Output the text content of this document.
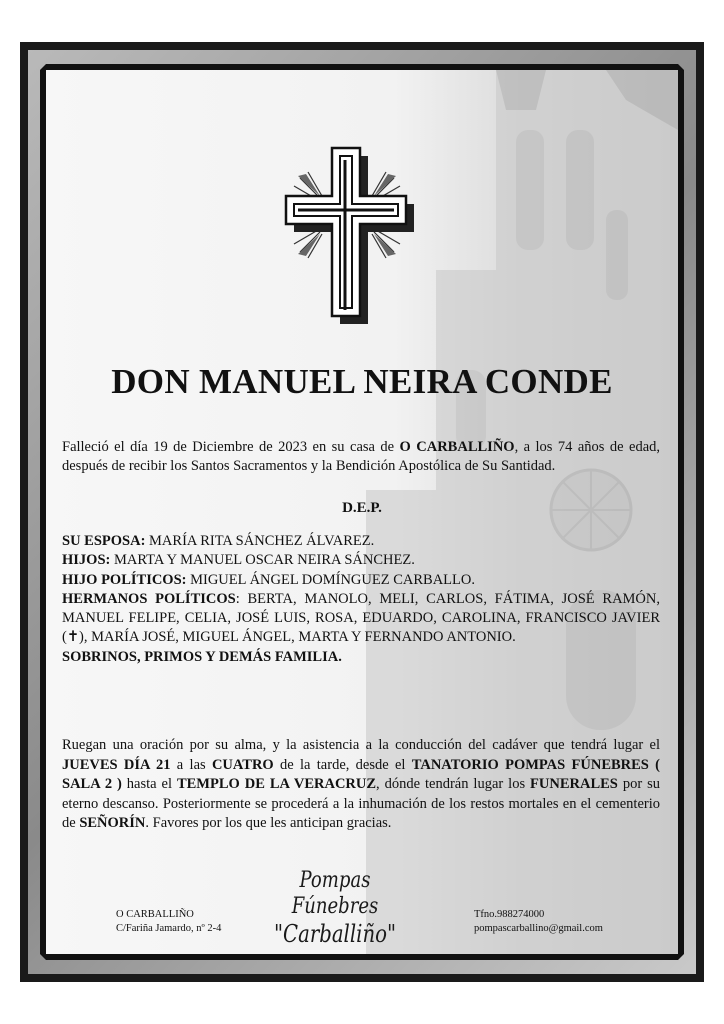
DON MANUEL NEIRA CONDE

Falleció el día 19 de Diciembre de 2023 en su casa de O CARBALLIÑO, a los 74 años de edad, después de recibir los Santos Sacramentos y la Bendición Apostólica de Su Santidad.

D.E.P.

SU ESPOSA: MARÍA RITA SÁNCHEZ ÁLVAREZ.

HIJOS: MARTA Y MANUEL OSCAR NEIRA SÁNCHEZ.

HIJO POLÍTICOS: MIGUEL ÁNGEL DOMÍNGUEZ CARBALLO.

HERMANOS POLÍTICOS: BERTA, MANOLO, MELI, CARLOS, FÁTIMA, JOSÉ RAMÓN, MANUEL FELIPE, CELIA, JOSÉ LUIS, ROSA, EDUARDO, CAROLINA, FRANCISCO JAVIER (✝), MARÍA JOSÉ, MIGUEL ÁNGEL, MARTA Y FERNANDO ANTONIO.

SOBRINOS, PRIMOS Y DEMÁS FAMILIA.

Ruegan una oración por su alma, y la asistencia a la conducción del cadáver que tendrá lugar el JUEVES DÍA 21 a las CUATRO de la tarde, desde el TANATORIO POMPAS FÚNEBRES ( SALA 2 ) hasta el TEMPLO DE LA VERACRUZ, dónde tendrán lugar los FUNERALES por su eterno descanso. Posteriormente se procederá a la inhumación de los restos mortales en el cementerio de SEÑORÍN. Favores por los que les anticipan gracias.

O CARBALLIÑO
C/Fariña Jamardo, nº 2-4
Pompas Fúnebres
"Carballiño"
Tfno.988274000
pompascarballino@gmail.com
